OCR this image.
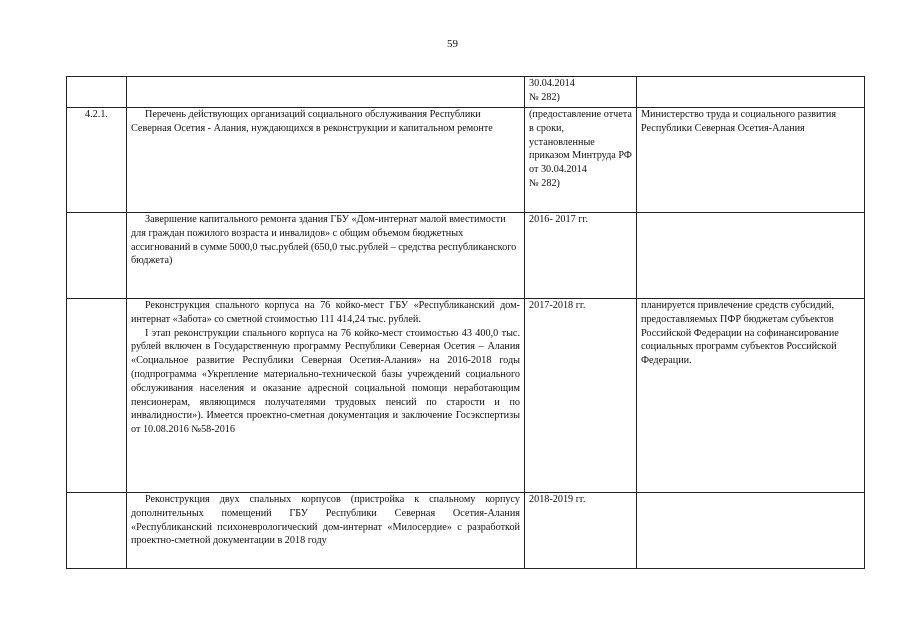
59
		30.04.2014
№ 282)	
4.2.1.	Перечень действующих организаций социального обслуживания Республики Северная Осетия - Алания, нуждающихся в реконструкции и капитальном ремонте	(предоставление отчета в сроки, установленные приказом Минтруда РФ от 30.04.2014
№ 282)	Министерство труда и социального развития Республики Северная Осетия-Алания
	Завершение капитального ремонта здания ГБУ «Дом-интернат малой вместимости для граждан пожилого возраста и инвалидов» с общим объемом бюджетных ассигнований в сумме 5000,0 тыс.рублей (650,0 тыс.рублей – средства республиканского бюджета)	2016- 2017 гг.	

	Реконструкция спального корпуса на 76 койко-мест ГБУ «Республиканский дом-интернат «Забота» со сметной стоимостью 111 414,24 тыс. рублей.

I этап реконструкции спального корпуса на 76 койко-мест стоимостью 43 400,0 тыс. рублей включен в Государственную программу Республики Северная Осетия – Алания «Социальное развитие Республики Северная Осетия-Алания» на 2016-2018 годы (подпрограмма «Укрепление материально-технической базы учреждений социального обслуживания населения и оказание адресной социальной помощи неработающим пенсионерам, являющимся получателями трудовых пенсий по старости и по инвалидности»). Имеется проектно-сметная документация и заключение Госэкспертизы от 10.08.2016 №58-2016	2017-2018 гг.	планируется привлечение средств субсидий, предоставляемых ПФР бюджетам субъектов Российской Федерации на софинансирование социальных программ субъектов Российской Федерации.
	Реконструкция двух спальных корпусов (пристройка к спальному корпусу дополнительных помещений ГБУ Республики Северная Осетия-Алания «Республиканский психоневрологический дом-интернат «Милосердие» с разработкой проектно-сметной документации в 2018 году	2018-2019 гг.	
